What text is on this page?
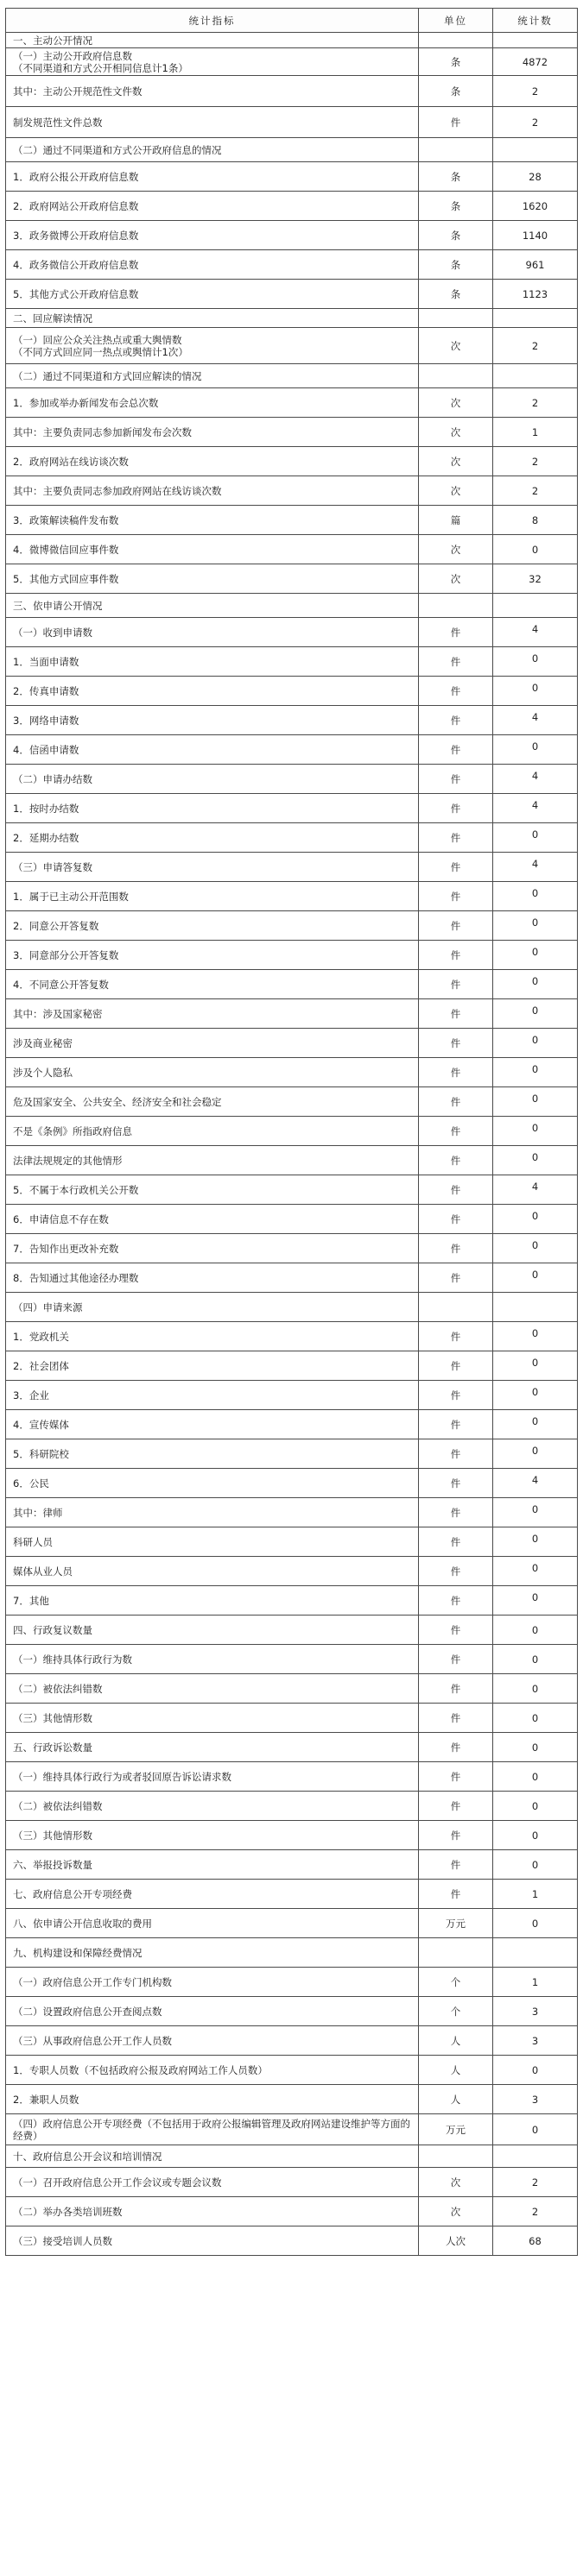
统计指标	单位	统计数
一、主动公开情况		
（一）主动公开政府信息数
（不同渠道和方式公开相同信息计1条）	条	4872
其中：主动公开规范性文件数	条	2
制发规范性文件总数	件	2
（二）通过不同渠道和方式公开政府信息的情况		
1．政府公报公开政府信息数	条	28
2．政府网站公开政府信息数	条	1620
3．政务微博公开政府信息数	条	1140
4．政务微信公开政府信息数	条	961
5．其他方式公开政府信息数	条	1123
二、回应解读情况		
（一）回应公众关注热点或重大舆情数
（不同方式回应同一热点或舆情计1次）	次	2
（二）通过不同渠道和方式回应解读的情况		
1．参加或举办新闻发布会总次数	次	2
其中：主要负责同志参加新闻发布会次数	次	1
2．政府网站在线访谈次数	次	2
其中：主要负责同志参加政府网站在线访谈次数	次	2
3．政策解读稿件发布数	篇	8
4．微博微信回应事件数	次	0
5．其他方式回应事件数	次	32
三、依申请公开情况		
（一）收到申请数	件	4
1．当面申请数	件	0
2．传真申请数	件	0
3．网络申请数	件	4
4．信函申请数	件	0
（二）申请办结数	件	4
1．按时办结数	件	4
2．延期办结数	件	0
（三）申请答复数	件	4
1．属于已主动公开范围数	件	0
2．同意公开答复数	件	0
3．同意部分公开答复数	件	0
4．不同意公开答复数	件	0
其中：涉及国家秘密	件	0
涉及商业秘密	件	0
涉及个人隐私	件	0
危及国家安全、公共安全、经济安全和社会稳定	件	0
不是《条例》所指政府信息	件	0
法律法规规定的其他情形	件	0
5．不属于本行政机关公开数	件	4
6．申请信息不存在数	件	0
7．告知作出更改补充数	件	0
8．告知通过其他途径办理数	件	0
（四）申请来源		
1．党政机关	件	0
2．社会团体	件	0
3．企业	件	0
4．宣传媒体	件	0
5．科研院校	件	0
6．公民	件	4
其中：律师	件	0
科研人员	件	0
媒体从业人员	件	0
7．其他	件	0
四、行政复议数量	件	0
（一）维持具体行政行为数	件	0
（二）被依法纠错数	件	0
（三）其他情形数	件	0
五、行政诉讼数量	件	0
（一）维持具体行政行为或者驳回原告诉讼请求数	件	0
（二）被依法纠错数	件	0
（三）其他情形数	件	0
六、举报投诉数量	件	0
七、政府信息公开专项经费	件	1
八、依申请公开信息收取的费用	万元	0
九、机构建设和保障经费情况		
（一）政府信息公开工作专门机构数	个	1
（二）设置政府信息公开查阅点数	个	3
（三）从事政府信息公开工作人员数	人	3
1．专职人员数（不包括政府公报及政府网站工作人员数）	人	0
2．兼职人员数	人	3
（四）政府信息公开专项经费（不包括用于政府公报编辑管理及政府网站建设维护等方面的经费）	万元	0
十、政府信息公开会议和培训情况		
（一）召开政府信息公开工作会议或专题会议数	次	2
（二）举办各类培训班数	次	2
（三）接受培训人员数	人次	68
